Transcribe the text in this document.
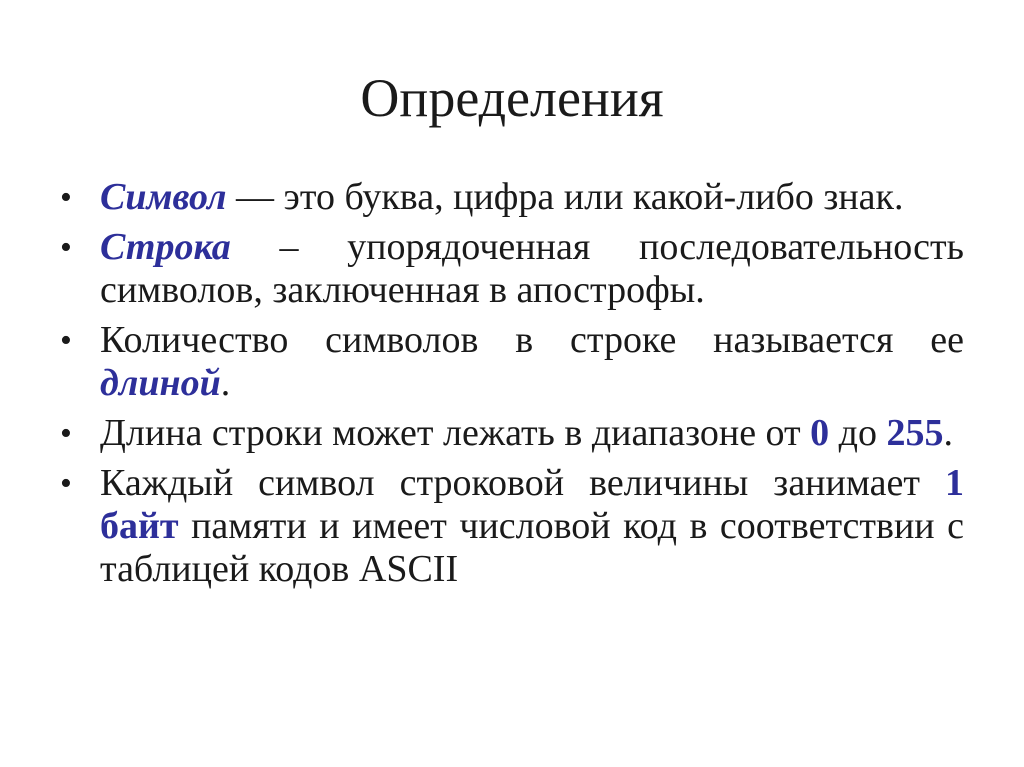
Определения
• Символ — это буква, цифра или какой-либо знак.
• Строка – упорядоченная последовательность символов, заключенная в апострофы.
• Количество символов в строке называется ее длиной.
• Длина строки может лежать в диапазоне от 0 до 255.
• Каждый символ строковой величины занимает 1 байт памяти и имеет числовой код в соответствии с таблицей кодов ASCII
